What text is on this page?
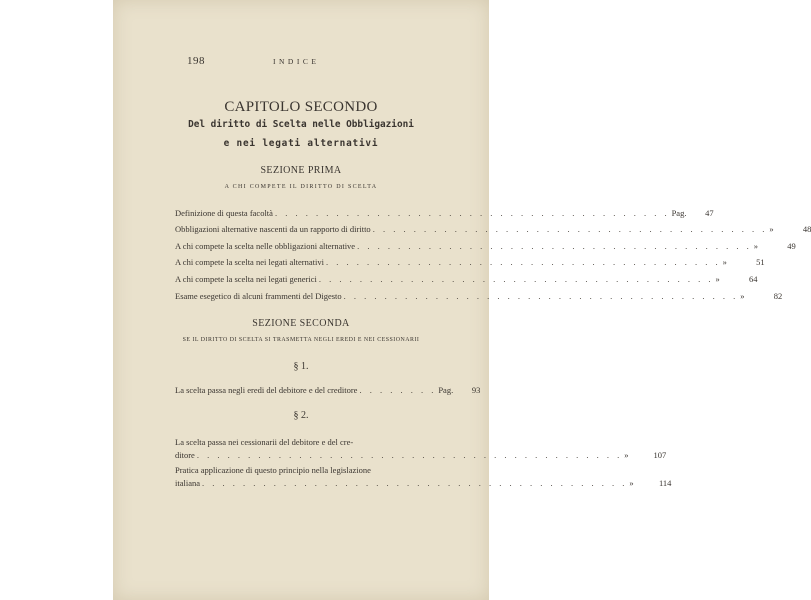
198	INDICE
CAPITOLO SECONDO
Del diritto di Scelta nelle Obbligazioni
e nei legati alternativi
SEZIONE PRIMA
A CHI COMPETE IL DIRITTO DI SCELTA
Definizione di questa facoltà . . . . . . . . . . . . . . . . . . . . . . . . . . . . . . . . . . . . . . . Pag.	47
Obbligazioni alternative nascenti da un rapporto di diritto . . . . . . . . . . . . . . . . . . . . . . . . . . . . . . . . . . . . . . . »	48
A chi compete la scelta nelle obbligazioni alternative . . . . . . . . . . . . . . . . . . . . . . . . . . . . . . . . . . . . . . . »	49
A chi compete la scelta nei legati alternativi . . . . . . . . . . . . . . . . . . . . . . . . . . . . . . . . . . . . . . . »	51
A chi compete la scelta nei legati generici . . . . . . . . . . . . . . . . . . . . . . . . . . . . . . . . . . . . . . . »	64
Esame esegetico di alcuni frammenti del Digesto . . . . . . . . . . . . . . . . . . . . . . . . . . . . . . . . . . . . . . . »	82
SEZIONE SECONDA
SE IL DIRITTO DI SCELTA SI TRASMETTA NEGLI EREDI E NEI CESSIONARII
§ 1.
La scelta passa negli eredi del debitore e del creditore . . . . . . . . Pag.	93
§ 2.
La scelta passa nei cessionarii del debitore e del cre-
ditore . . . . . . . . . . . . . . . . . . . . . . . . . . . . . . . . . . . . . . . . . . »	107
Pratica applicazione di questo principio nella legislazione
italiana . . . . . . . . . . . . . . . . . . . . . . . . . . . . . . . . . . . . . . . . . . »	114
